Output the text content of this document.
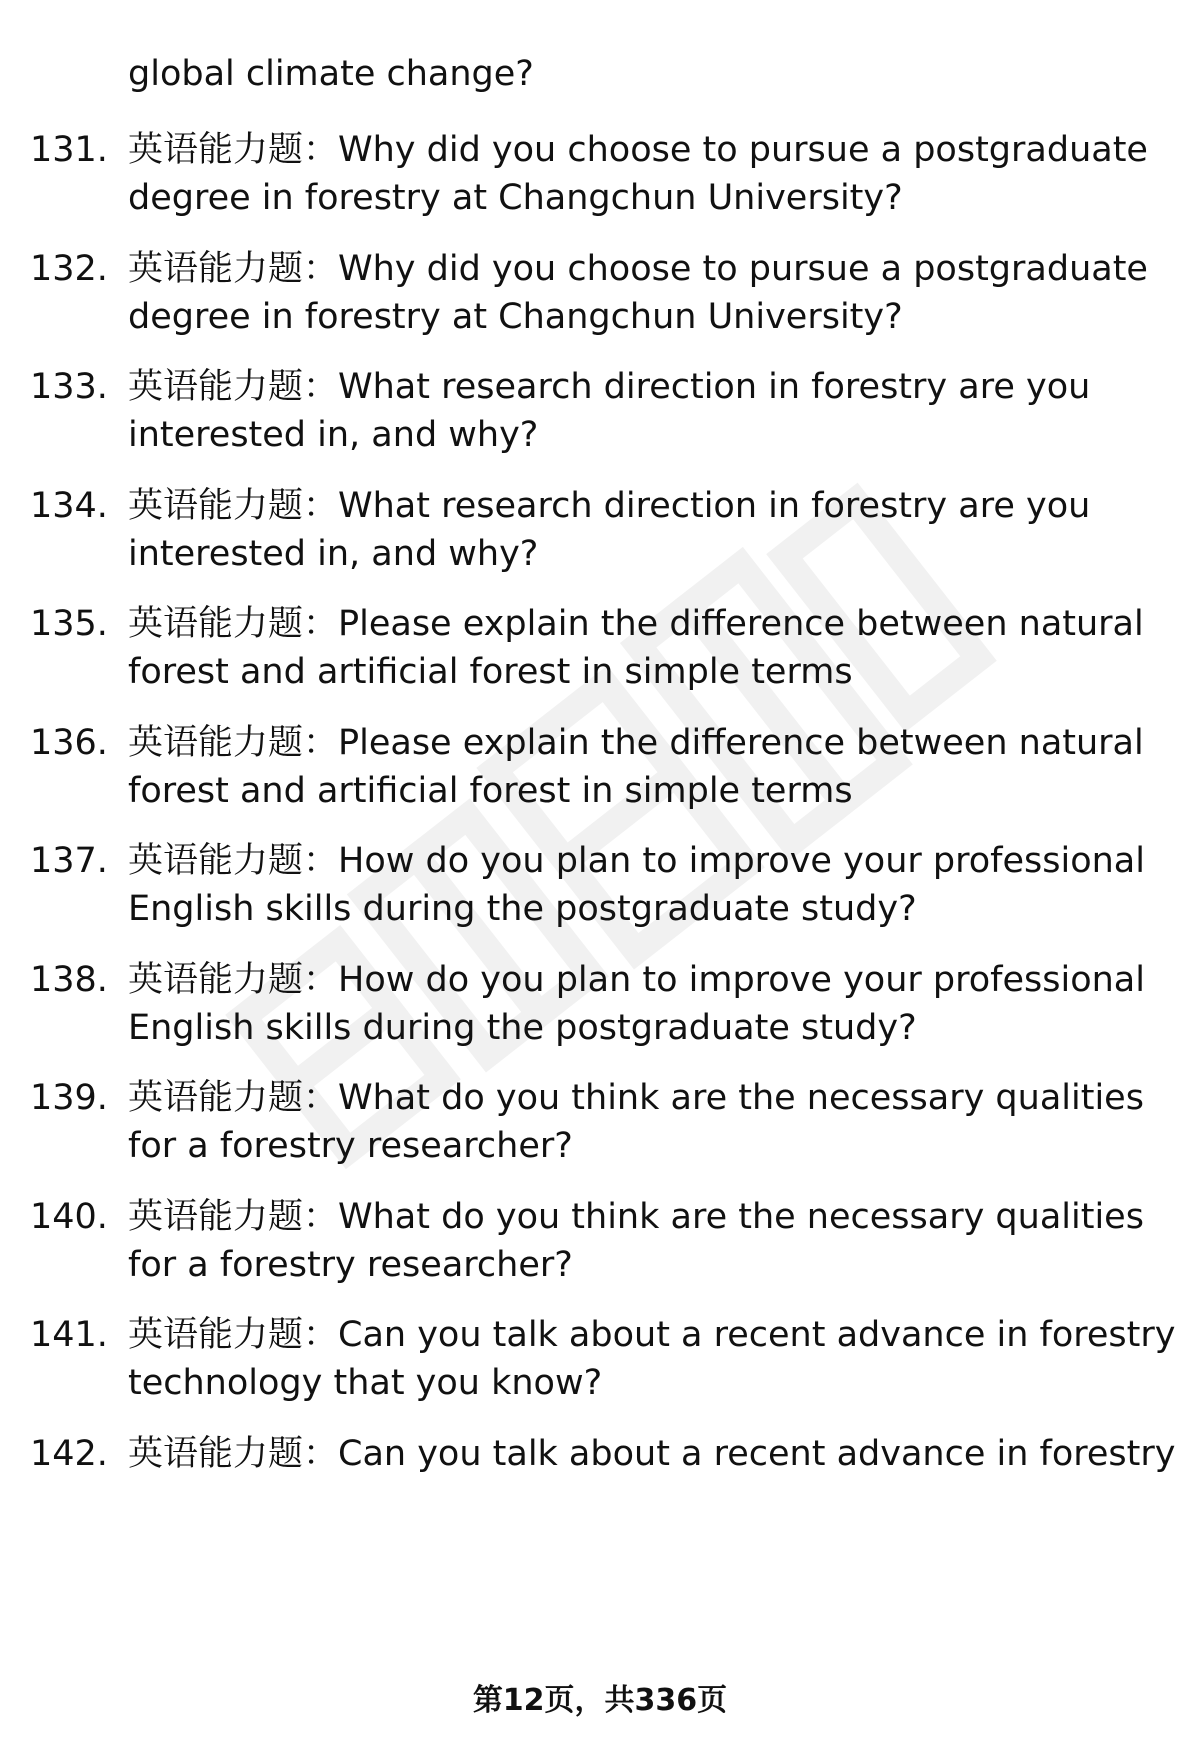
global climate change?
131. 英语能力题：Why did you choose to pursue a postgraduate
degree in forestry at Changchun University?
132. 英语能力题：Why did you choose to pursue a postgraduate
degree in forestry at Changchun University?
133. 英语能力题：What research direction in forestry are you
interested in, and why?
134. 英语能力题：What research direction in forestry are you
interested in, and why?
135. 英语能力题：Please explain the difference between natural
forest and artificial forest in simple terms
136. 英语能力题：Please explain the difference between natural
forest and artificial forest in simple terms
137. 英语能力题：How do you plan to improve your professional
English skills during the postgraduate study?
138. 英语能力题：How do you plan to improve your professional
English skills during the postgraduate study?
139. 英语能力题：What do you think are the necessary qualities
for a forestry researcher?
140. 英语能力题：What do you think are the necessary qualities
for a forestry researcher?
141. 英语能力题：Can you talk about a recent advance in forestry
technology that you know?
142. 英语能力题：Can you talk about a recent advance in forestry
第12页，共336页
